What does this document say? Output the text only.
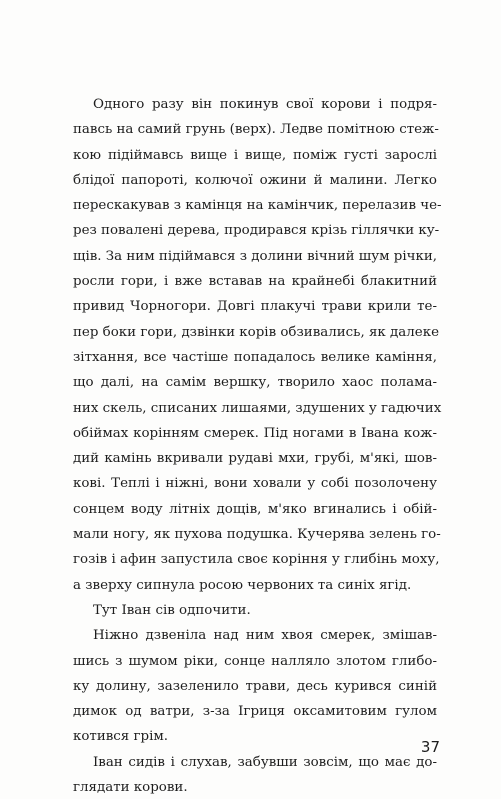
Одного разу він покинув свої корови і подря-
павсь на самий грунь (верх). Ледве помітною стеж-
кою підіймавсь вище і вище, поміж густі зарослі
блідої папороті, колючої ожини й малини. Легко
перескакував з камінця на камінчик, перелазив че-
рез повалені дерева, продирався крізь гіллячки ку-
щів. За ним підіймався з долини вічний шум річки,
росли гори, і вже вставав на крайнебі блакитний
привид Чорногори. Довгі плакучі трави крили те-
пер боки гори, дзвінки корів обзивались, як далеке
зітхання, все частіше попадалось велике каміння,
що далі, на самім вершку, творило хаос полама-
них скель, списаних лишаями, здушених у гадючих
обіймах корінням смерек. Під ногами в Івана кож-
дий камінь вкривали рудаві мхи, грубі, м'які, шов-
кові. Теплі і ніжні, вони ховали у собі позолочену
сонцем воду літніх дощів, м'яко вгинались і обій-
мали ногу, як пухова подушка. Кучерява зелень го-
гозів і афин запустила своє коріння у глибінь моху,
а зверху сипнула росою червоних та синіх ягід.

Тут Іван сів одпочити.

Ніжно дзвеніла над ним хвоя смерек, змішав-
шись з шумом ріки, сонце налляло злотом глибо-
ку долину, зазеленило трави, десь курився синій
димок од ватри, з-за Ігриця оксамитовим гулом
котився грім.

Іван сидів і слухав, забувши зовсім, що має до-
глядати корови.

37
